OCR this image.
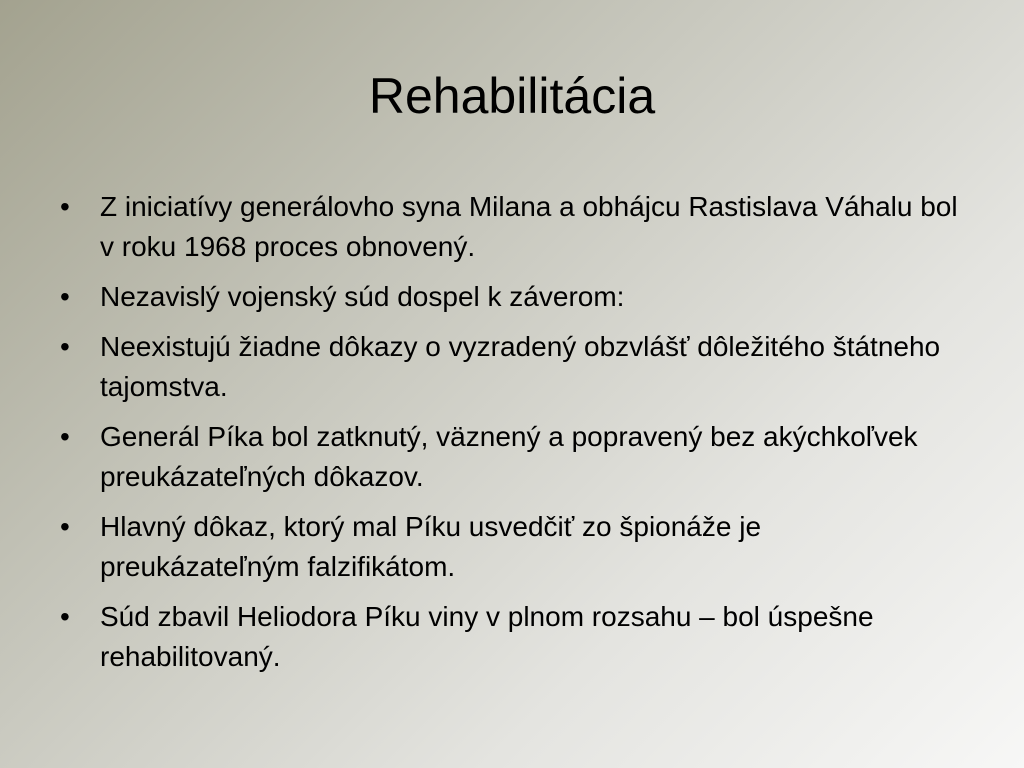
Rehabilitácia
• Z iniciatívy generálovho syna Milana a obhájcu Rastislava Váhalu bol v roku 1968 proces obnovený.
• Nezavislý vojenský súd dospel k záverom:
• Neexistujú žiadne dôkazy o vyzradený obzvlášť dôležitého štátneho  tajomstva.
• Generál Píka bol zatknutý, väznený a popravený bez akýchkoľvek preukázateľných dôkazov.
• Hlavný dôkaz, ktorý mal Píku usvedčiť zo špionáže je preukázateľným falzifikátom.
• Súd zbavil Heliodora Píku viny v plnom rozsahu – bol úspešne rehabilitovaný.
